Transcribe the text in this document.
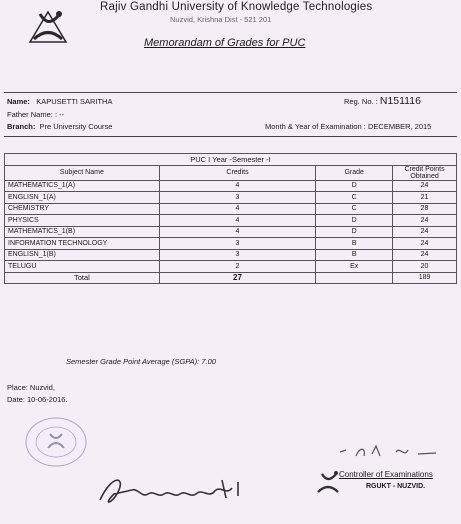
Rajiv Gandhi University of Knowledge Technologies
Nuzvid, Krishna Dist - 521 201
Memorandam of Grades for PUC
Name: KAPUSETTI SARITHA
Father Name: : --
Branch: Pre University Course
Reg. No. : N151116
Month & Year of Examination : DECEMBER, 2015
PUC I Year -Semester -I			
Subject Name	Credits	Grade	Credit Points Obtained
MATHEMATICS_1(A)	4	D	24
ENGLISN_1(A)	3	C	21
CHEMISTRY	4	C	28
PHYSICS	4	D	24
MATHEMATICS_1(B)	4	D	24
INFORMATION TECHNOLOGY	3	B	24
ENGLISN_1(B)	3	B	24
TELUGU	2	Ex	20
Total	27		189
Semester Grade Point Average (SGPA): 7.00
Place: Nuzvid,
Date: 10-06-2016.
Controller of Examinations
RGUKT - NUZVID.
